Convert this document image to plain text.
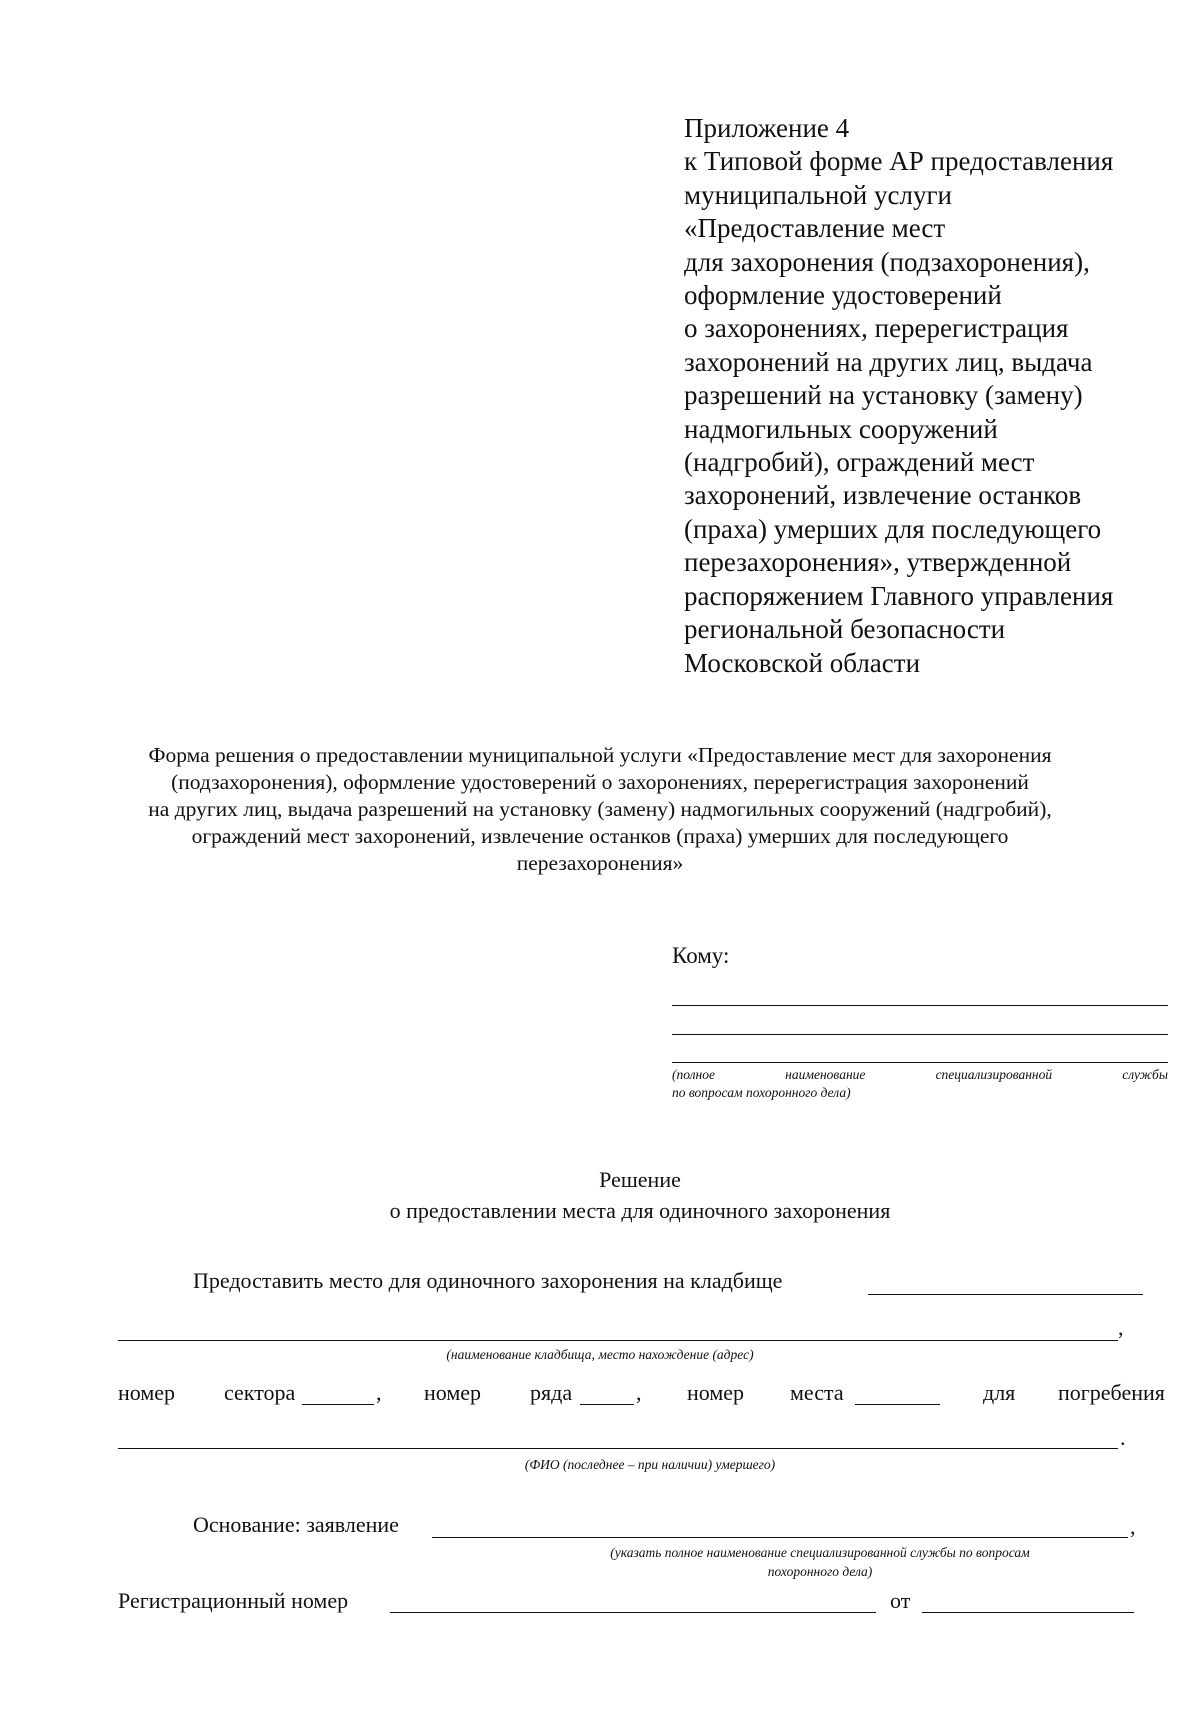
Приложение 4
к Типовой форме АР предоставления
муниципальной услуги
«Предоставление мест
для захоронения (подзахоронения),
оформление удостоверений
о захоронениях, перерегистрация
захоронений на других лиц, выдача
разрешений на установку (замену)
надмогильных сооружений
(надгробий), ограждений мест
захоронений, извлечение останков
(праха) умерших для последующего
перезахоронения», утвержденной
распоряжением Главного управления
региональной безопасности
Московской области
Форма решения о предоставлении муниципальной услуги «Предоставление мест для захоронения
(подзахоронения), оформление удостоверений о захоронениях, перерегистрация захоронений
на других лиц, выдача разрешений на установку (замену) надмогильных сооружений (надгробий),
ограждений мест захоронений, извлечение останков (праха) умерших для последующего
перезахоронения»
Кому:
(полное	наименование	специализированной	службы
по вопросам похоронного дела)
Решение
о предоставлении места для одиночного захоронения
Предоставить место для одиночного захоронения на кладбище
,
(наименование кладбища, место нахождение (адрес)
номер сектора	, номер ряда	, номер места	для погребения
.
(ФИО (последнее – при наличии) умершего)
Основание: заявление	,
(указать полное наименование специализированной службы по вопросам
похоронного дела)
Регистрационный номер	от
